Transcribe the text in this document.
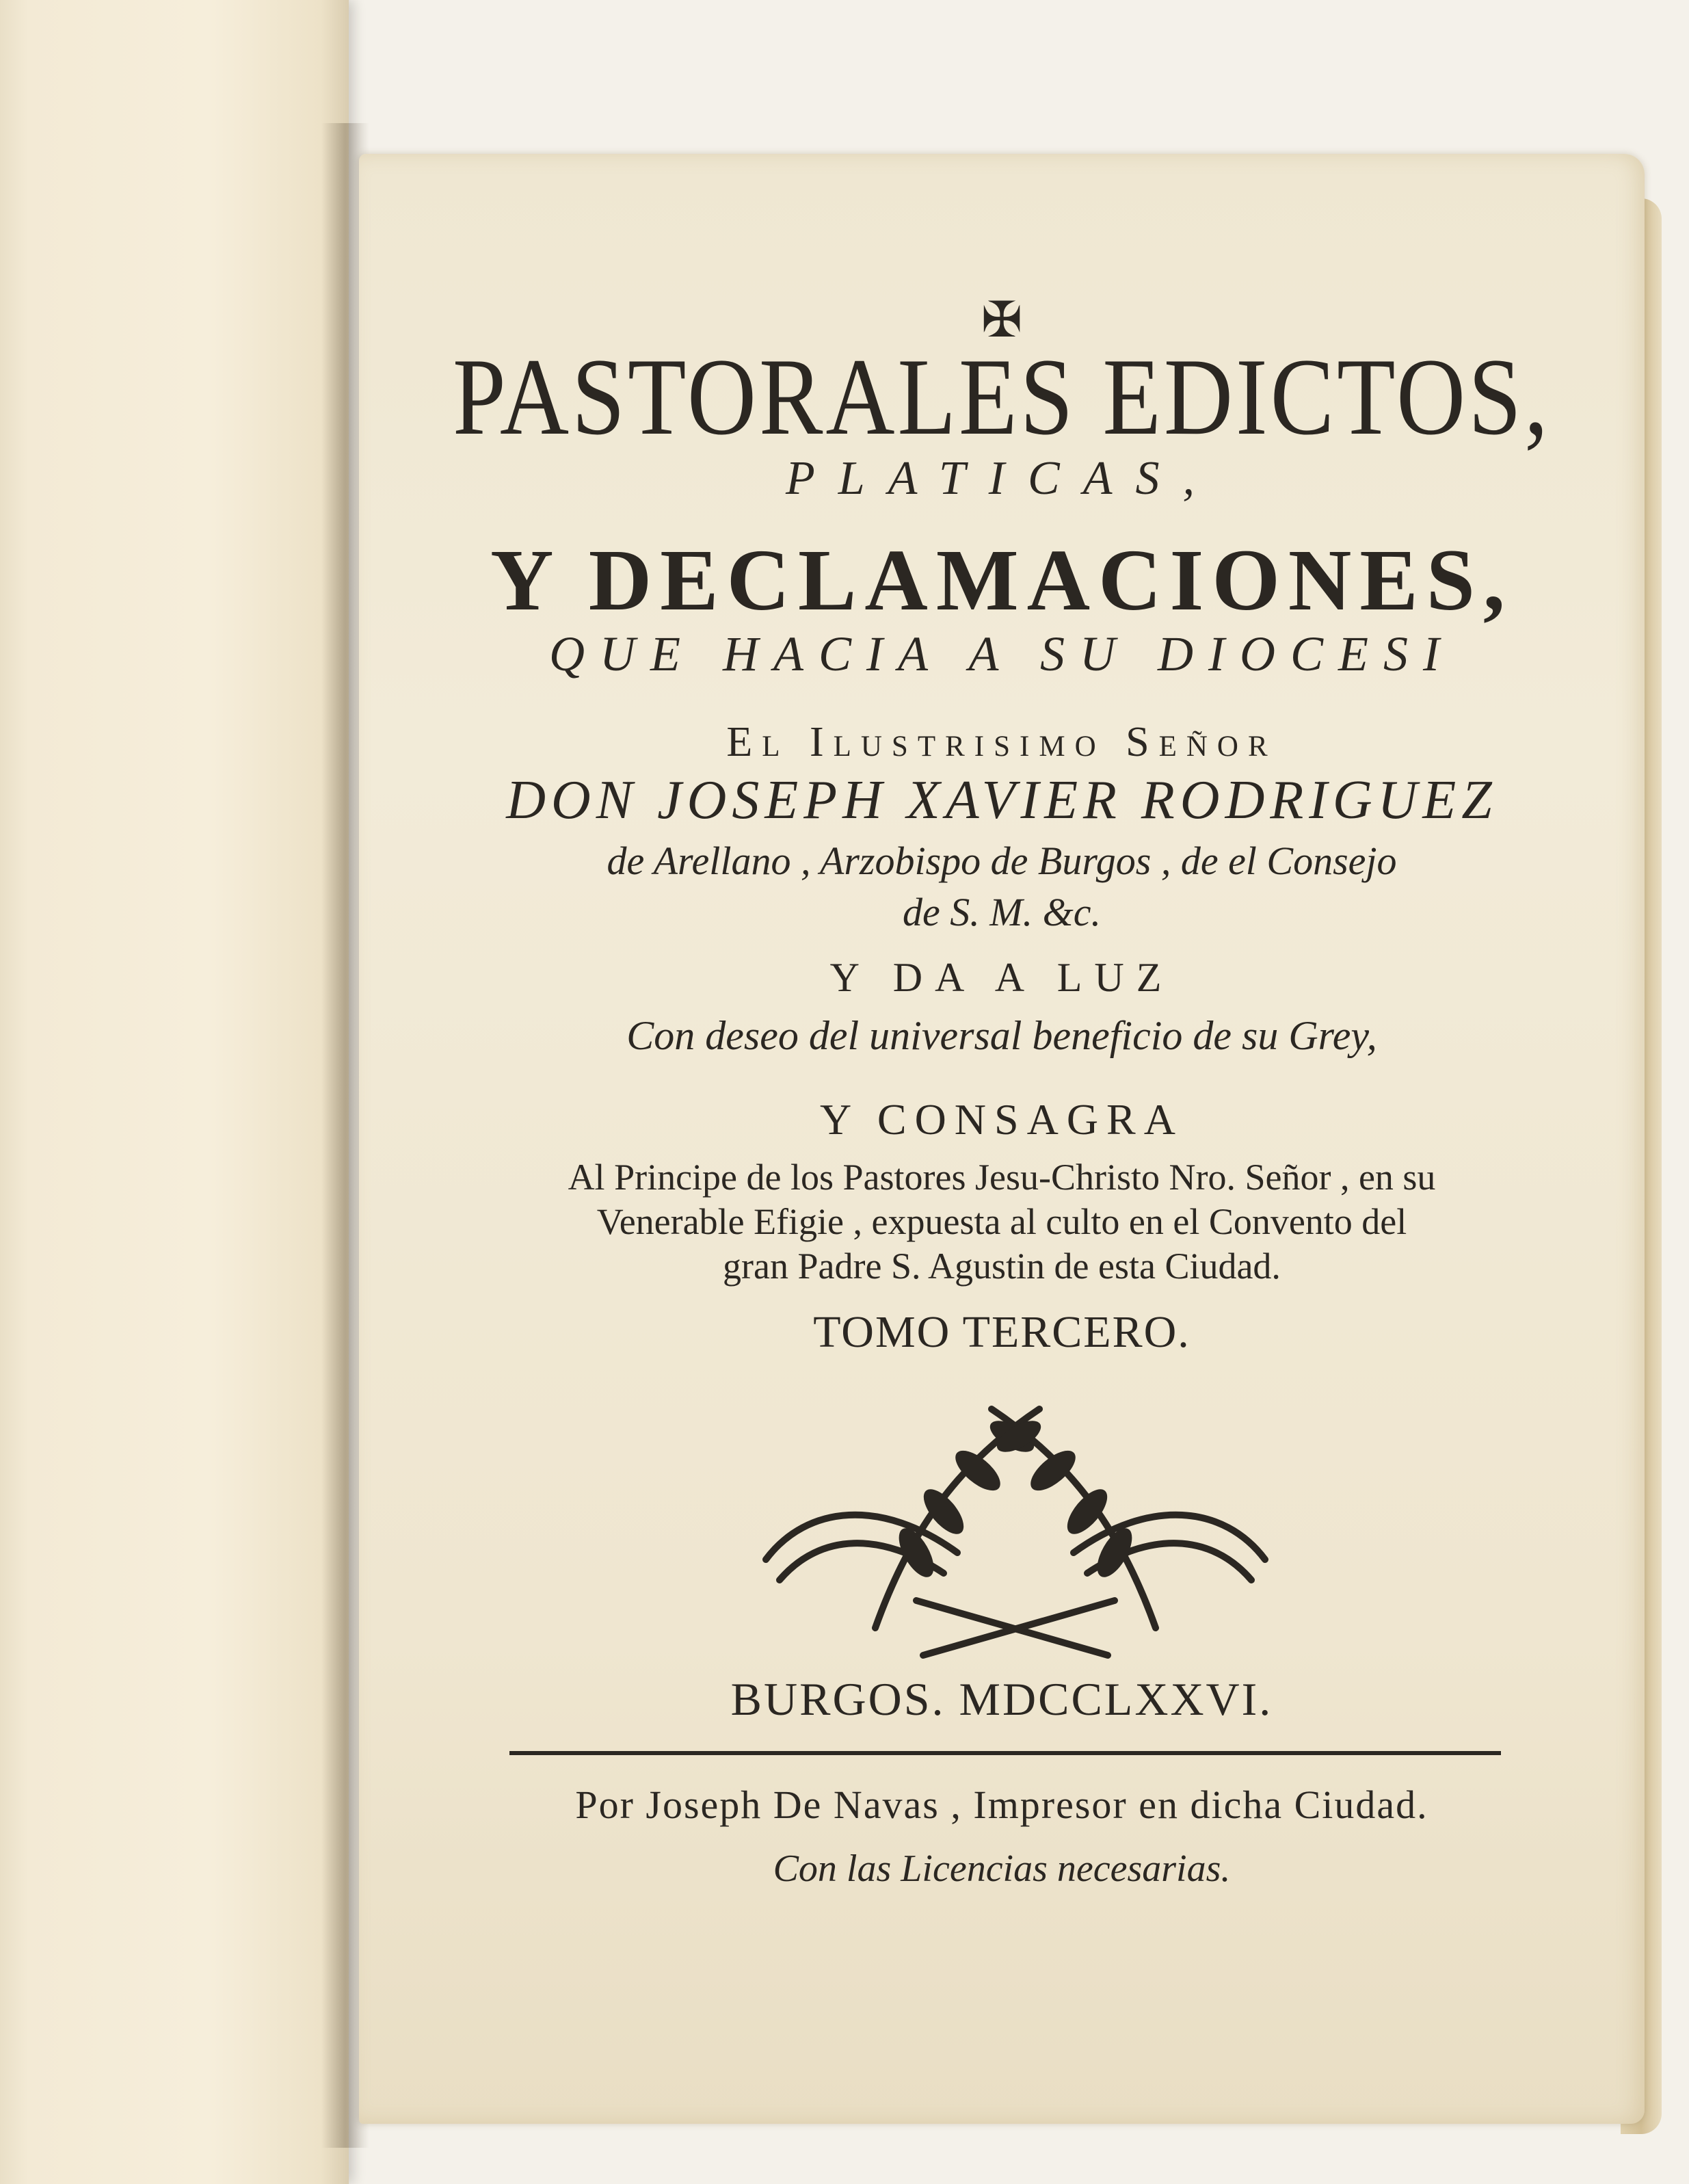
✠
PASTORALES EDICTOS,
PLATICAS,
Y DECLAMACIONES,
QUE HACIA A SU DIOCESI
El Ilustrisimo Señor
DON JOSEPH XAVIER RODRIGUEZ
de Arellano , Arzobispo de Burgos , de el Consejo
de S. M. &c.
Y DA A LUZ
Con deseo del universal beneficio de su Grey,
Y CONSAGRA
Al Principe de los Pastores Jesu-Christo Nro. Señor , en su
Venerable Efigie , expuesta al culto en el Convento del
gran Padre S. Agustin de esta Ciudad.
TOMO TERCERO.
BURGOS. MDCCLXXVI.
Por Joseph De Navas , Impresor en dicha Ciudad.
Con las Licencias necesarias.
